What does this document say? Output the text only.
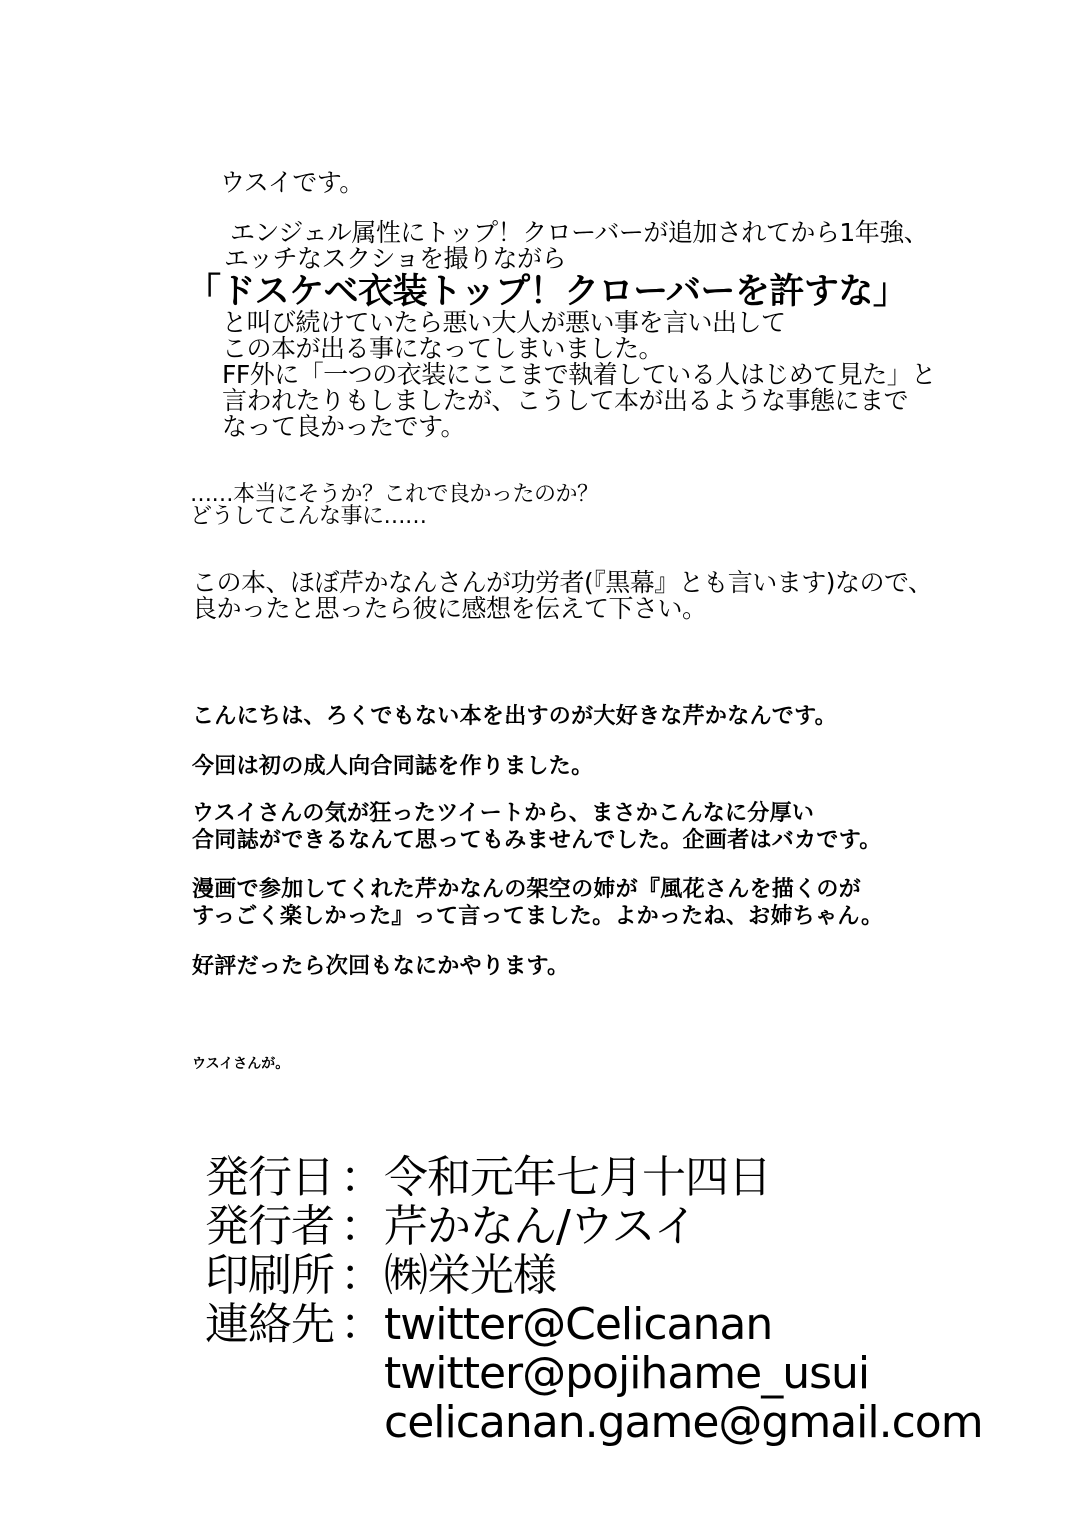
ウスイです。
エンジェル属性にトップ！クローバーが追加されてから1年強、
エッチなスクショを撮りながら
「ドスケベ衣装トップ！クローバーを許すな」
と叫び続けていたら悪い大人が悪い事を言い出して
この本が出る事になってしまいました。
FF外に「一つの衣装にここまで執着している人はじめて見た」と
言われたりもしましたが、こうして本が出るような事態にまで
なって良かったです。
……本当にそうか？これで良かったのか？
どうしてこんな事に……
この本、ほぼ芹かなんさんが功労者(『黒幕』とも言います)なので、
良かったと思ったら彼に感想を伝えて下さい。
こんにちは、ろくでもない本を出すのが大好きな芹かなんです。
今回は初の成人向合同誌を作りました。
ウスイさんの気が狂ったツイートから、まさかこんなに分厚い
合同誌ができるなんて思ってもみませんでした。企画者はバカです。
漫画で参加してくれた芹かなんの架空の姉が『風花さんを描くのが
すっごく楽しかった』って言ってました。よかったね、お姉ちゃん。
好評だったら次回もなにかやります。
ウスイさんが。
発行日 ： 令和元年七月十四日
発行者 ： 芹かなん/ウスイ
印刷所 ： ㈱栄光様
連絡先 ： twitter@Celicanan
twitter@pojihame_usui
celicanan.game@gmail.com
